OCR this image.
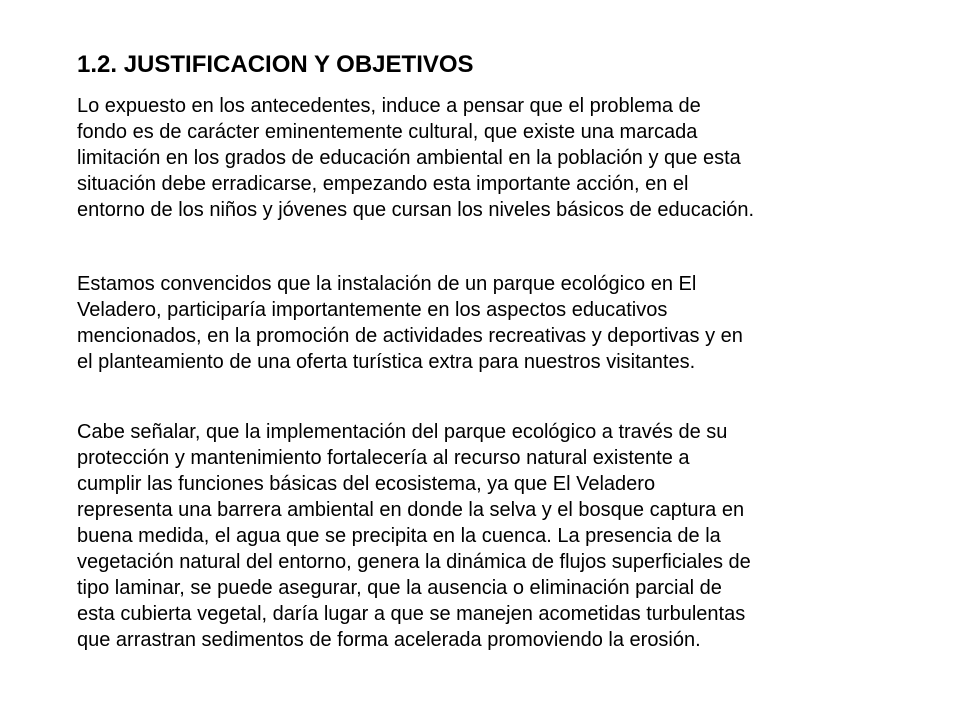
1.2. JUSTIFICACION Y OBJETIVOS

Lo expuesto en los antecedentes, induce a pensar que el problema de
fondo es de carácter eminentemente cultural, que existe una marcada
limitación en los grados de educación ambiental en la población y que esta
situación debe erradicarse, empezando esta importante acción, en el
entorno de los niños y jóvenes que cursan los niveles básicos de educación.

Estamos convencidos que la instalación de un parque ecológico en El
Veladero, participaría importantemente en los aspectos educativos
mencionados, en la promoción de actividades recreativas y deportivas y en
el planteamiento de una oferta turística extra para nuestros visitantes.

Cabe señalar, que la implementación del parque ecológico a través de su
protección y mantenimiento fortalecería al recurso natural existente a
cumplir las funciones básicas del ecosistema, ya que El Veladero
representa una barrera ambiental en donde la selva y el bosque captura en
buena medida, el agua que se precipita en la cuenca. La presencia de la
vegetación natural del entorno, genera la dinámica de flujos superficiales de
tipo laminar, se puede asegurar, que la ausencia o eliminación parcial de
esta cubierta vegetal, daría lugar a que se manejen acometidas turbulentas
que arrastran sedimentos de forma acelerada promoviendo la erosión.
